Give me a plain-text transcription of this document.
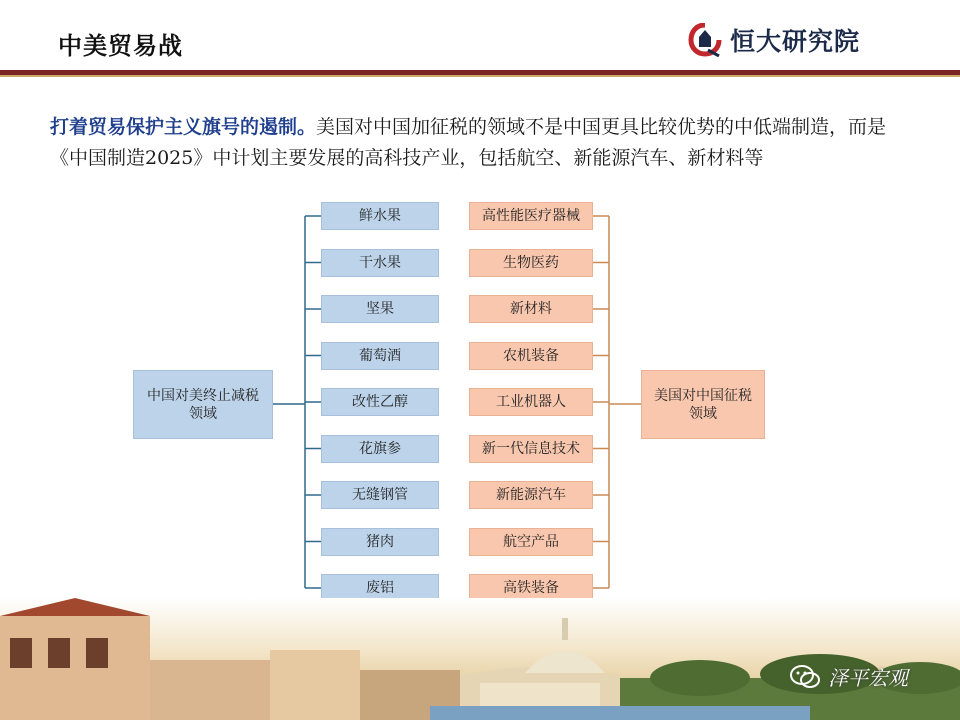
中美贸易战	恒大研究院

打着贸易保护主义旗号的遏制。美国对中国加征税的领域不是中国更具比较优势的中低端制造，而是《中国制造2025》中计划主要发展的高科技产业，包括航空、新能源汽车、新材料等

中国对美终止减税领域
鲜水果
干水果
坚果
葡萄酒
改性乙醇
花旗参
无缝钢管
猪肉
废铝
高性能医疗器械
生物医药
新材料
农机装备
工业机器人
新一代信息技术
新能源汽车
航空产品
高铁装备
美国对中国征税领域
泽平宏观
